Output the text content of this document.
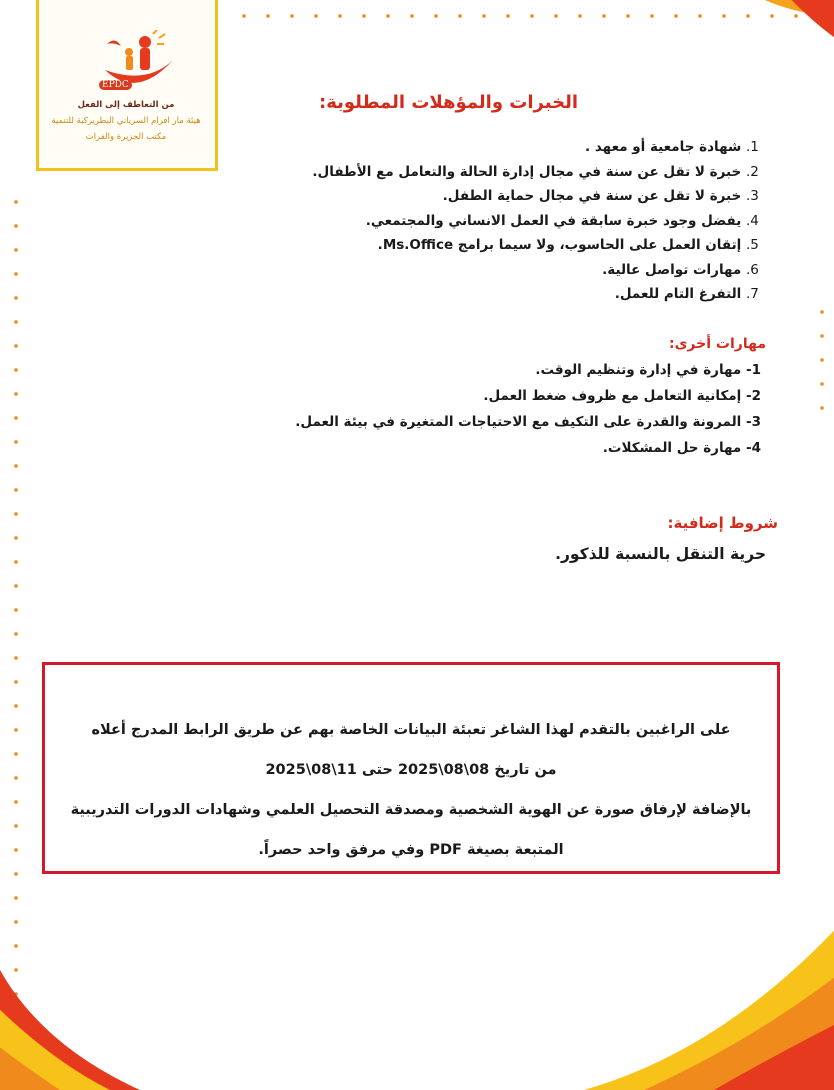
EPDC
من التعاطف إلى الفعل
هيئة مار افرام السرياني البطريركية للتنمية
مكتب الجزيرة والفرات
الخبرات والمؤهلات المطلوبة:
1. شهادة جامعية أو معهد .
2. خبرة لا تقل عن سنة في مجال إدارة الحالة والتعامل مع الأطفال.
3. خبرة لا تقل عن سنة في مجال حماية الطفل.
4. يفضل وجود خبرة سابقة في العمل الانساني والمجتمعي.
5. إتقان العمل على الحاسوب، ولا سيما برامج Ms.Office.
6. مهارات تواصل عالية.
7. التفرغ التام للعمل.
مهارات أخرى:
1- مهارة في إدارة وتنظيم الوقت.
2- إمكانية التعامل مع ظروف ضغط العمل.
3- المرونة والقدرة على التكيف مع الاحتياجات المتغيرة في بيئة العمل.
4- مهارة حل المشكلات.
شروط إضافية:
حرية التنقل بالنسبة للذكور.

على الراغبين بالتقدم لهذا الشاغر تعبئة البيانات الخاصة بهم عن طريق الرابط المدرج أعلاه

من تاريخ 08\08\2025 حتى 11\08\2025

بالإضافة لإرفاق صورة عن الهوية الشخصية ومصدقة التحصيل العلمي وشهادات الدورات التدريبية

المتبعة بصيغة PDF وفي مرفق واحد حصراً.
